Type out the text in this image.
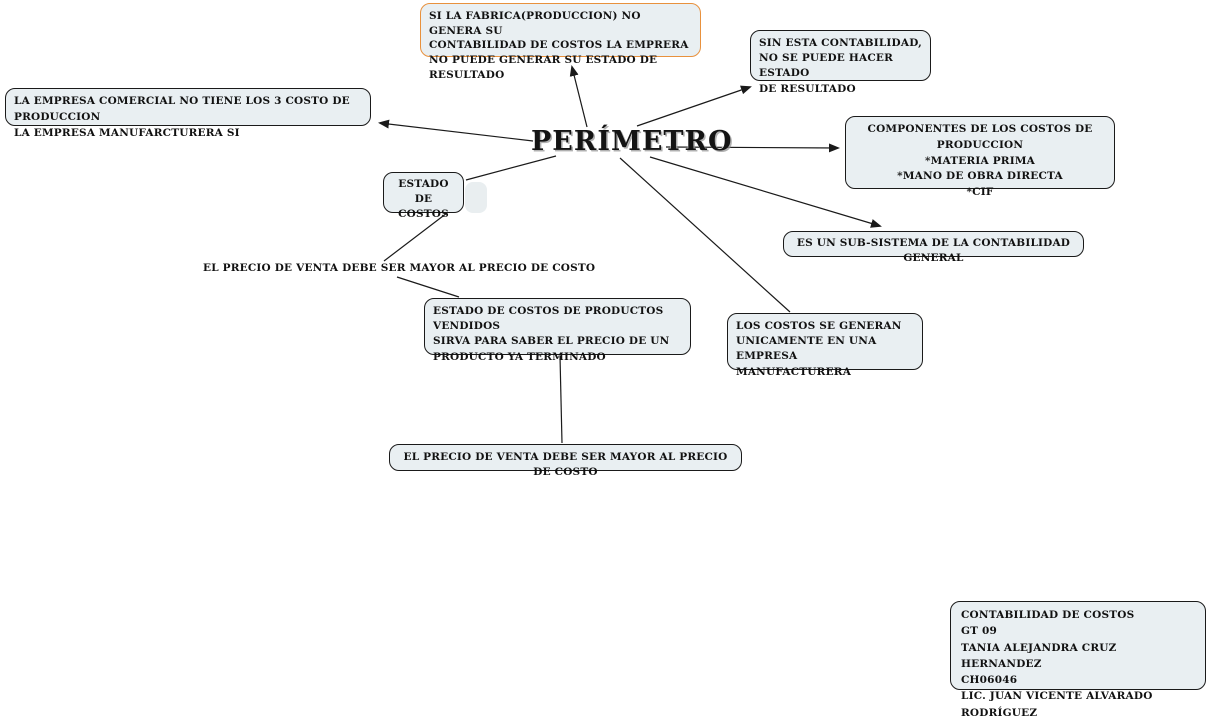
PERÍMETRO
SI LA FABRICA(PRODUCCION) NO GENERA SU
CONTABILIDAD DE COSTOS LA EMPRERA
NO PUEDE GENERAR SU ESTADO DE RESULTADO
SIN ESTA CONTABILIDAD,
NO SE PUEDE HACER ESTADO
DE RESULTADO
LA EMPRESA COMERCIAL NO TIENE LOS 3 COSTO DE PRODUCCION
LA EMPRESA MANUFARCTURERA SI	COMPONENTES DE LOS COSTOS DE PRODUCCION
*MATERIA PRIMA
*MANO DE OBRA DIRECTA
*CIF
ES UN SUB-SISTEMA DE LA CONTABILIDAD GENERAL
ESTADO DE
COSTOS
EL PRECIO DE VENTA DEBE SER MAYOR AL PRECIO DE COSTO
ESTADO DE COSTOS DE PRODUCTOS VENDIDOS
SIRVA PARA SABER EL PRECIO DE UN
PRODUCTO YA TERMINADO
LOS COSTOS SE GENERAN
UNICAMENTE EN UNA EMPRESA
MANUFACTURERA
EL PRECIO DE VENTA DEBE SER MAYOR AL PRECIO DE COSTO
CONTABILIDAD DE COSTOS
GT 09
TANIA ALEJANDRA CRUZ HERNANDEZ
CH06046
LIC. JUAN VICENTE ALVARADO RODRÍGUEZ
